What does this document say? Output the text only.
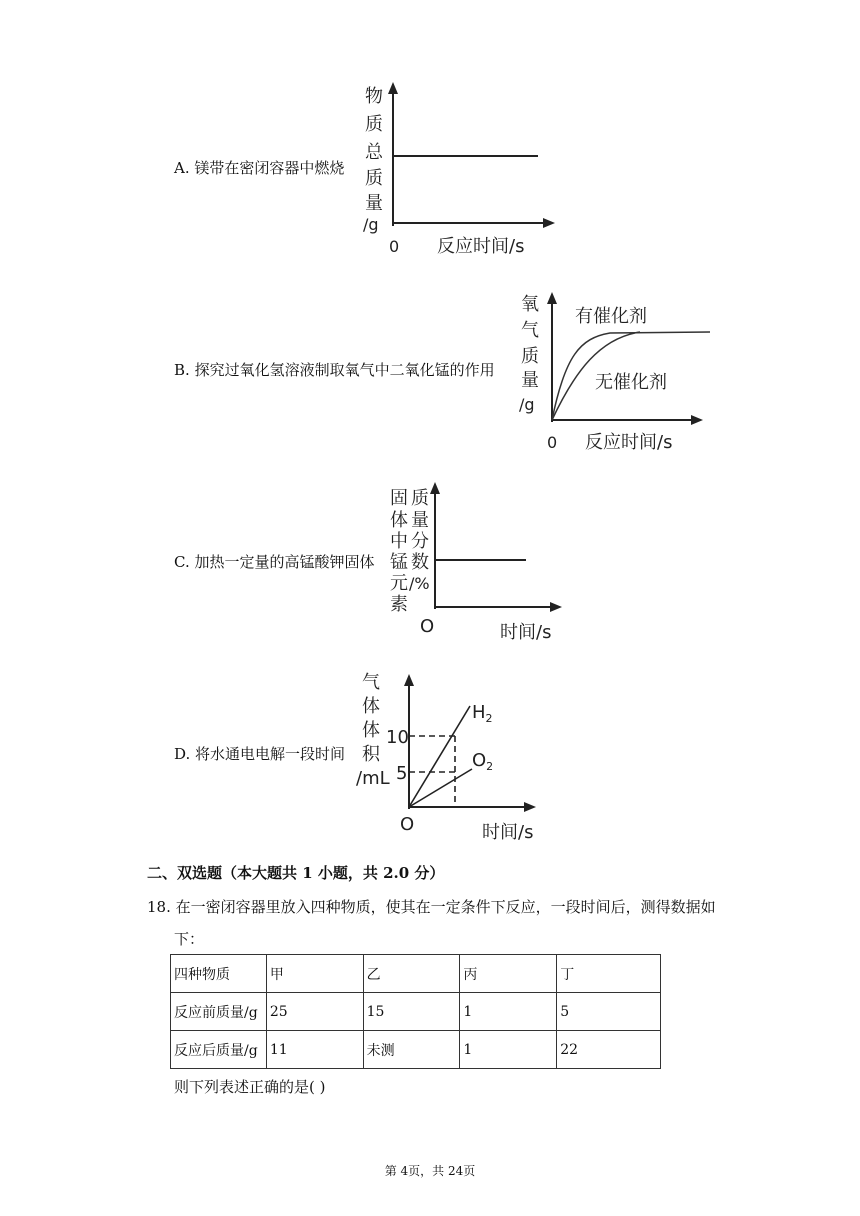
A. 镁带在密闭容器中燃烧
物
质
总
质
量
/g
0 反应时间/s
B. 探究过氧化氢溶液制取氧气中二氧化锰的作用
有催化剂
无催化剂
氧
气
质
量
/g
0 反应时间/s
C. 加热一定量的高锰酸钾固体
固
体
中
锰
元
素
质
量
分
数
/%
O	时间/s
D. 将水通电电解一段时间
$H_2$
$O_2$
10
5
气
体
体
积
/mL
O	时间/s
二、双选题（本大题共 1 小题，共 2.0 分）
18. 在一密闭容器里放入四种物质，使其在一定条件下反应，一段时间后，测得数据如
下：
四种物质	甲	乙	丙	丁
反应前质量/g	25	15	1	5
反应后质量/g	11	未测	1	22
则下列表述正确的是( )
第 4页，共 24页
